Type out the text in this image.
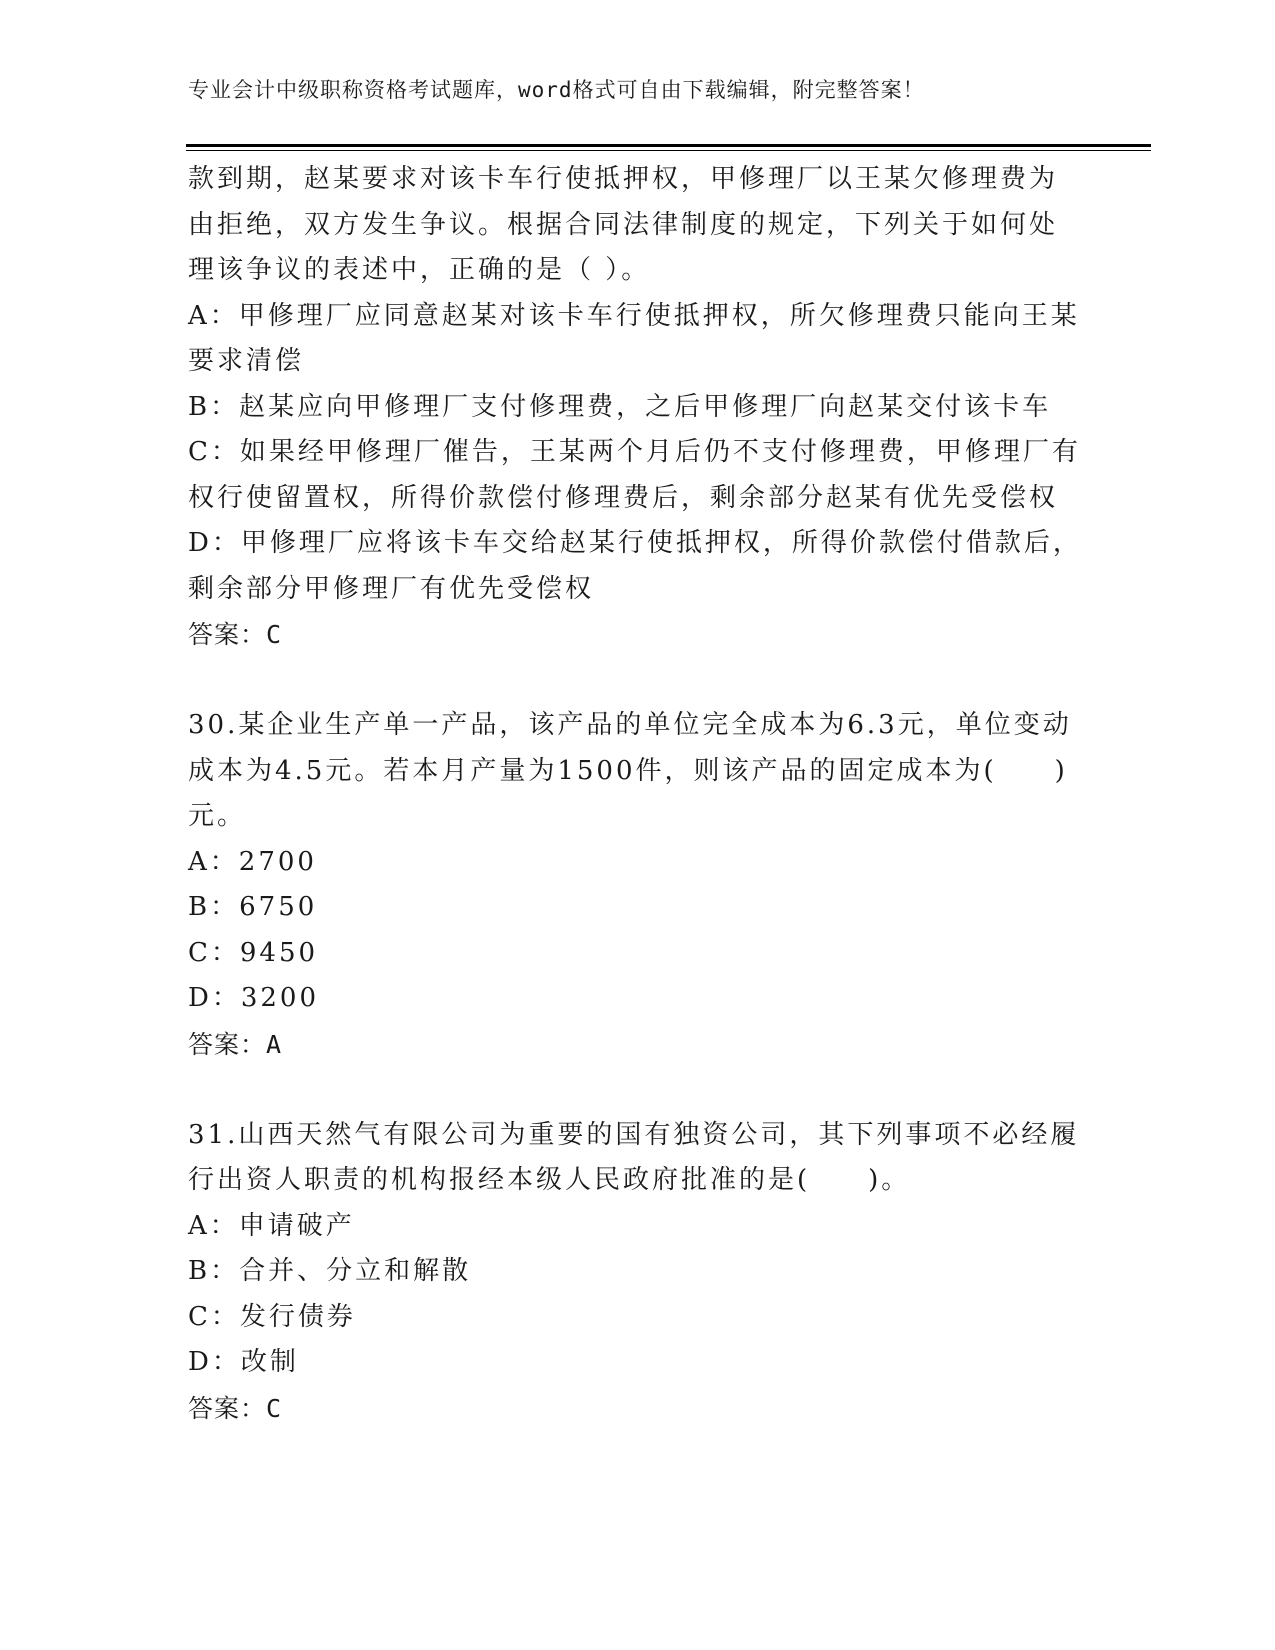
专业会计中级职称资格考试题库，word格式可自由下载编辑，附完整答案！
款到期，赵某要求对该卡车行使抵押权，甲修理厂以王某欠修理费为
由拒绝，双方发生争议。根据合同法律制度的规定，下列关于如何处
理该争议的表述中，正确的是（ ）。
A：甲修理厂应同意赵某对该卡车行使抵押权，所欠修理费只能向王某
要求清偿
B：赵某应向甲修理厂支付修理费，之后甲修理厂向赵某交付该卡车
C：如果经甲修理厂催告，王某两个月后仍不支付修理费，甲修理厂有
权行使留置权，所得价款偿付修理费后，剩余部分赵某有优先受偿权
D：甲修理厂应将该卡车交给赵某行使抵押权，所得价款偿付借款后，
剩余部分甲修理厂有优先受偿权
答案：C
30.某企业生产单一产品，该产品的单位完全成本为6.3元，单位变动
成本为4.5元。若本月产量为1500件，则该产品的固定成本为(　　)
元。
A：2700
B：6750
C：9450
D：3200
答案：A
31.山西天然气有限公司为重要的国有独资公司，其下列事项不必经履
行出资人职责的机构报经本级人民政府批准的是(　　)。
A：申请破产
B：合并、分立和解散
C：发行债券
D：改制
答案：C
